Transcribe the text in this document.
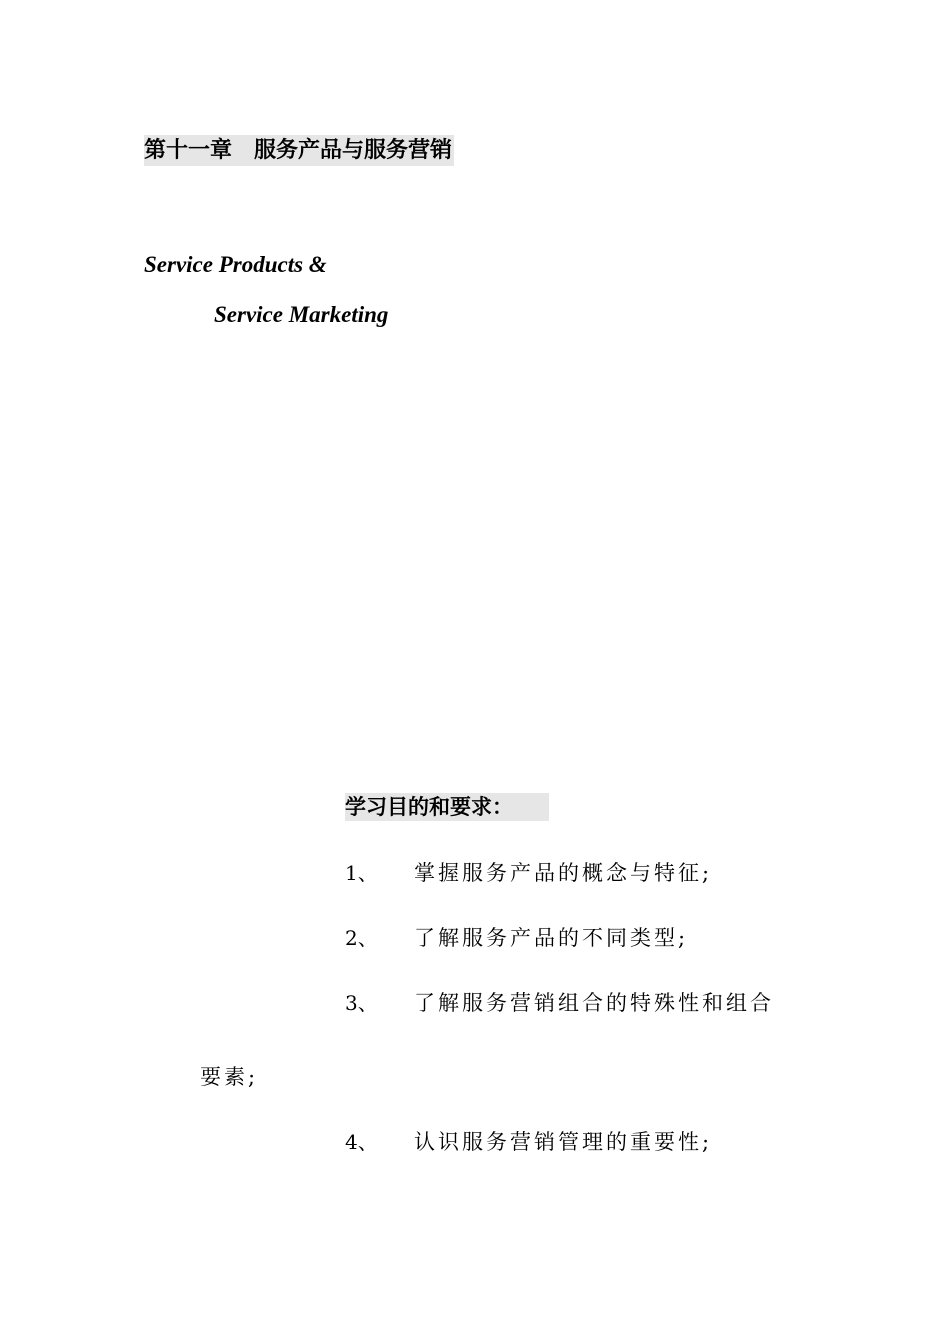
第十一章 服务产品与服务营销
Service Products &
Service Marketing
学习目的和要求：
1、 掌握服务产品的概念与特征;
2、 了解服务产品的不同类型;
3、 了解服务营销组合的特殊性和组合
要素;
4、 认识服务营销管理的重要性;
